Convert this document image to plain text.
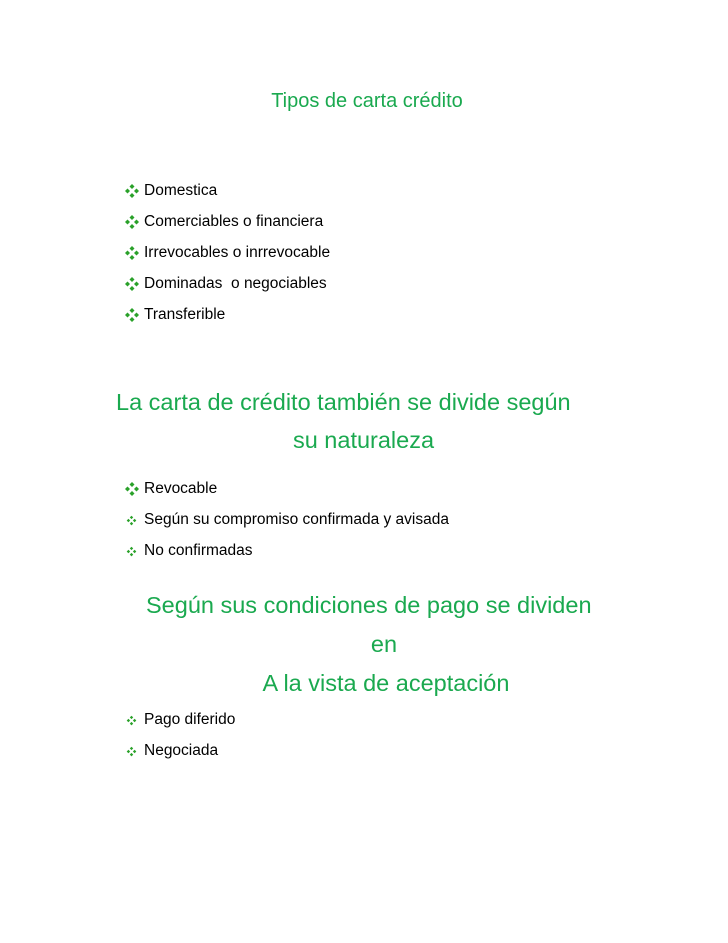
Tipos de carta crédito
Domestica
Comerciables o financiera
Irrevocables o inrrevocable
Dominadas  o negociables
Transferible
La carta de crédito también se divide según
su naturaleza
Revocable
Según su compromiso confirmada y avisada
No confirmadas
Según sus condiciones de pago se dividen
en
A la vista de aceptación
Pago diferido
Negociada
